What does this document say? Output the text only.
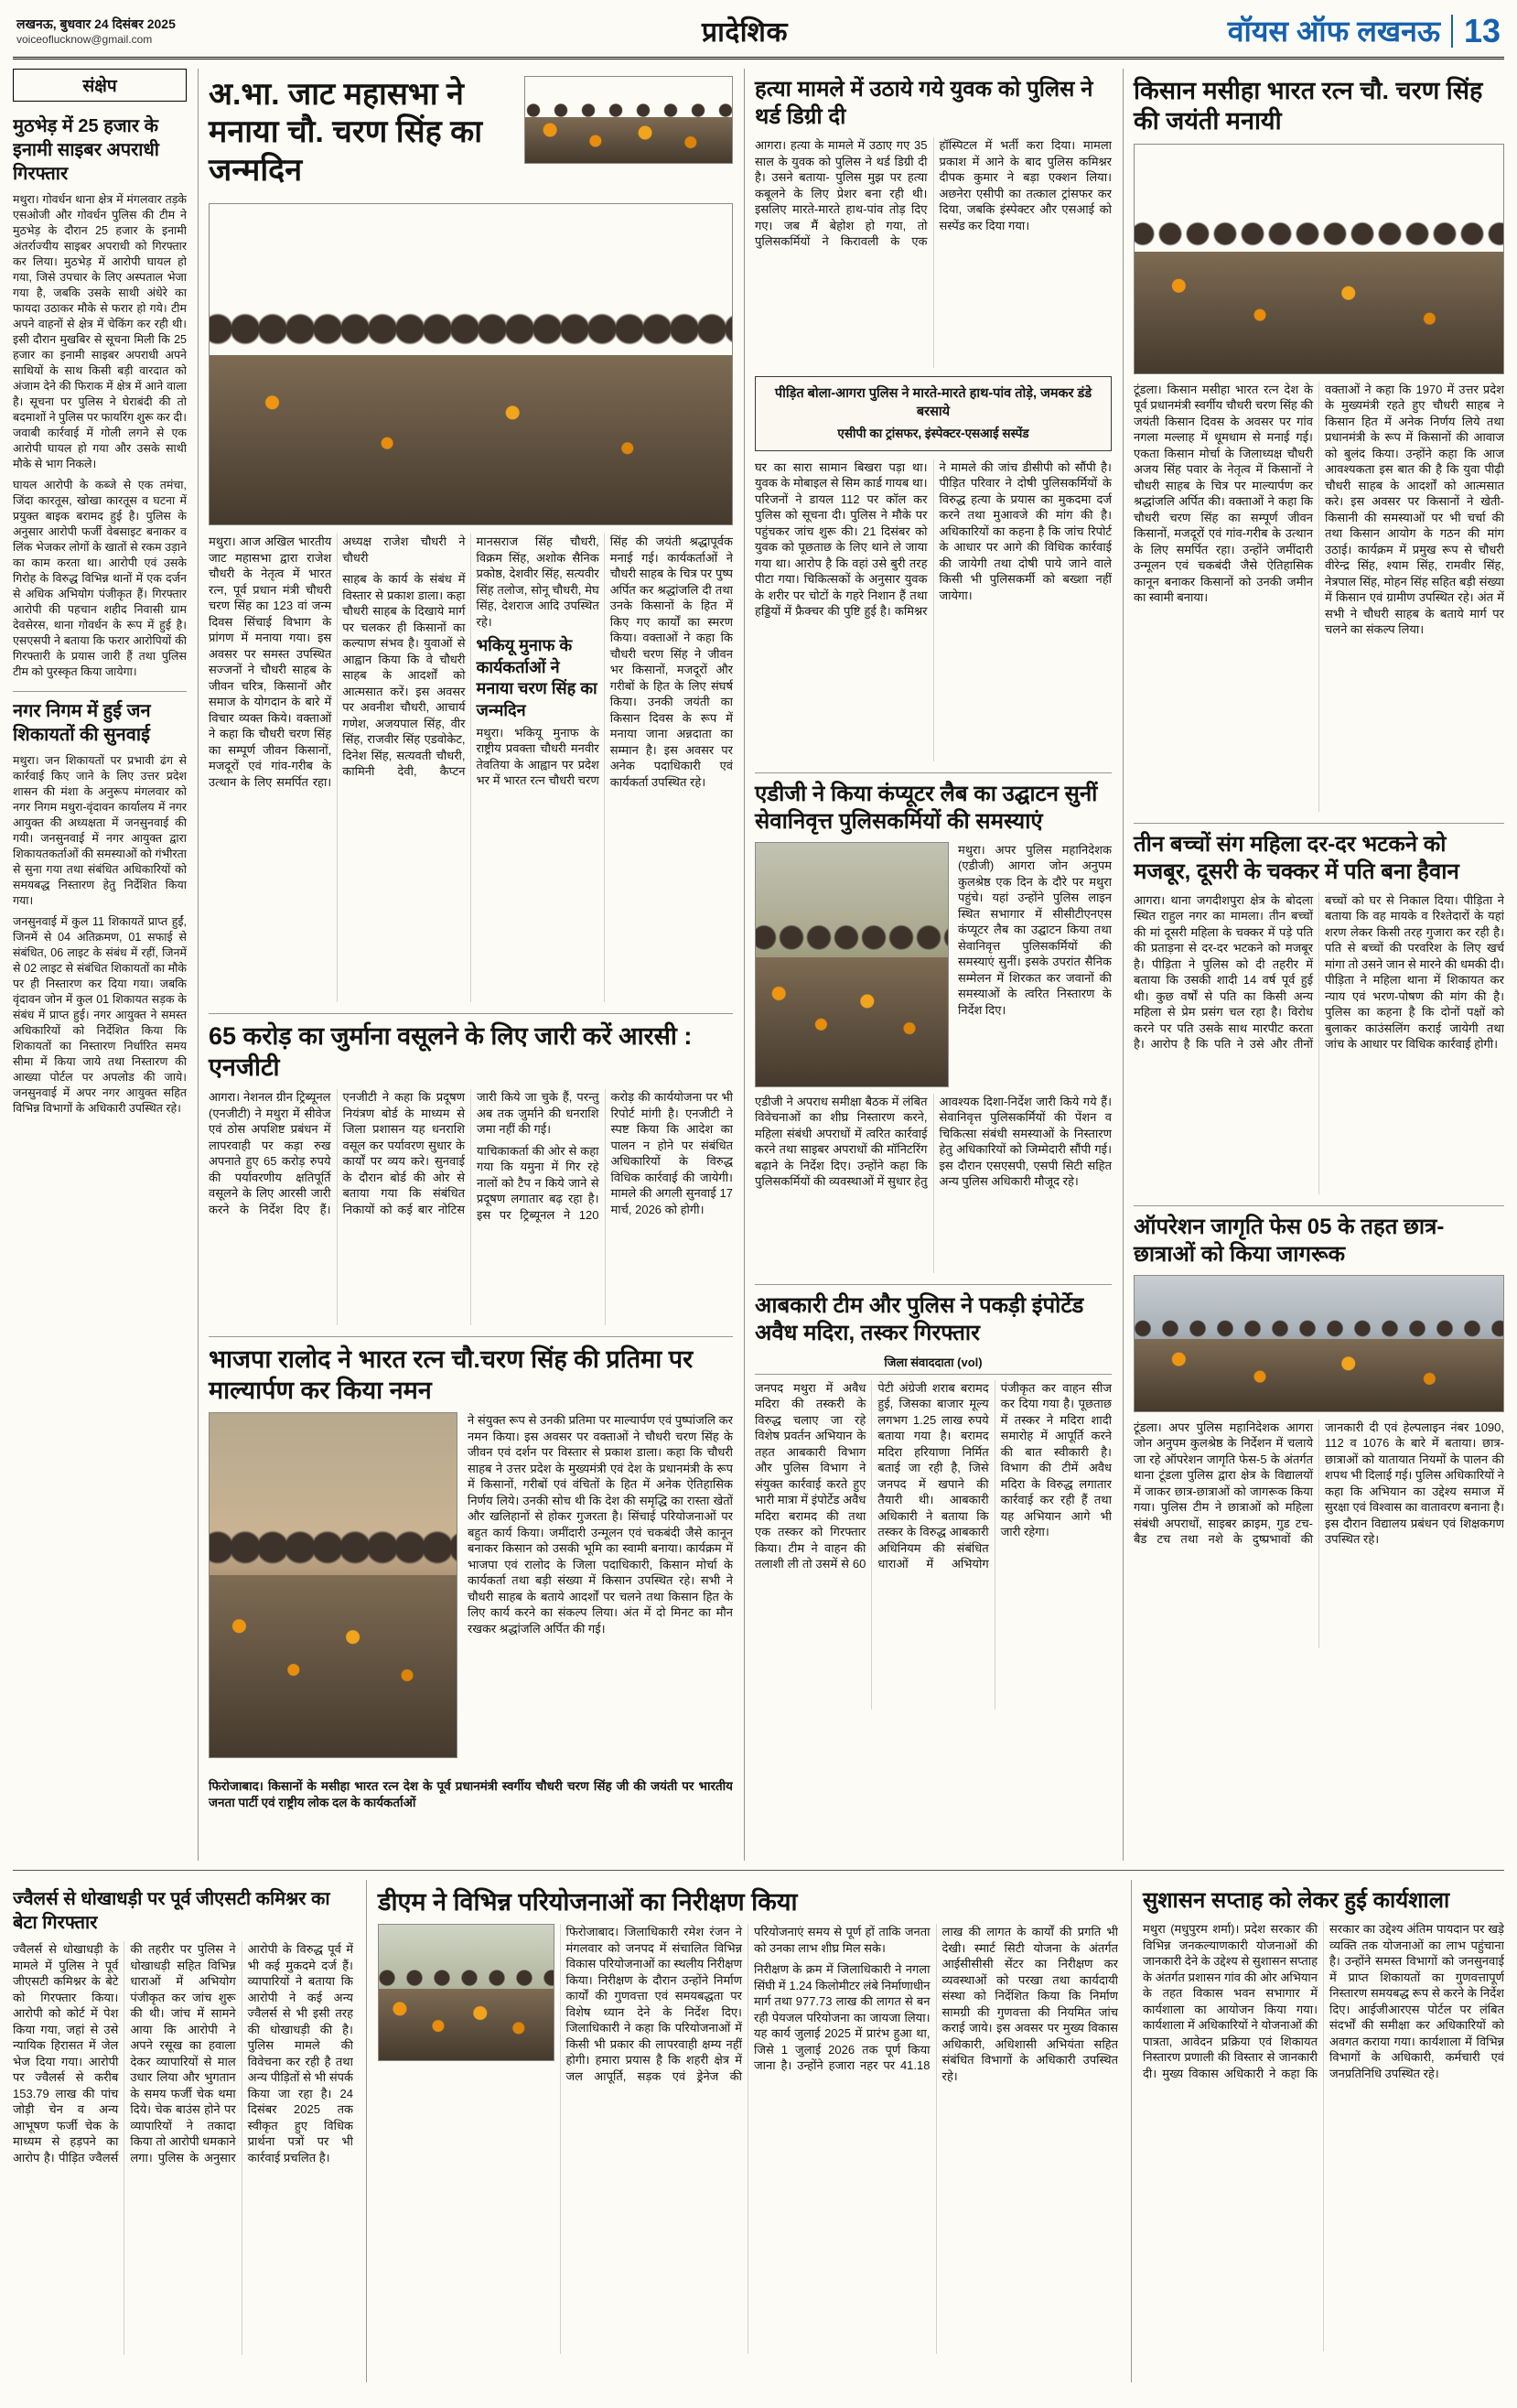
लखनऊ, बुधवार 24 दिसंबर 2025
voiceoflucknow@gmail.com	प्रादेशिक	वॉयस ऑफ लखनऊ 13
संक्षेप
मुठभेड़ में 25 हजार के इनामी साइबर अपराधी गिरफ्तार

मथुरा। गोवर्धन थाना क्षेत्र में मंगलवार तड़के एसओजी और गोवर्धन पुलिस की टीम ने मुठभेड़ के दौरान 25 हजार के इनामी अंतर्राज्यीय साइबर अपराधी को गिरफ्तार कर लिया। मुठभेड़ में आरोपी घायल हो गया, जिसे उपचार के लिए अस्पताल भेजा गया है, जबकि उसके साथी अंधेरे का फायदा उठाकर मौके से फरार हो गये। टीम अपने वाहनों से क्षेत्र में चेकिंग कर रही थी। इसी दौरान मुखबिर से सूचना मिली कि 25 हजार का इनामी साइबर अपराधी अपने साथियों के साथ किसी बड़ी वारदात को अंजाम देने की फिराक में क्षेत्र में आने वाला है। सूचना पर पुलिस ने घेराबंदी की तो बदमाशों ने पुलिस पर फायरिंग शुरू कर दी। जवाबी कार्रवाई में गोली लगने से एक आरोपी घायल हो गया और उसके साथी मौके से भाग निकले।

घायल आरोपी के कब्जे से एक तमंचा, जिंदा कारतूस, खोखा कारतूस व घटना में प्रयुक्त बाइक बरामद हुई है। पुलिस के अनुसार आरोपी फर्जी वेबसाइट बनाकर व लिंक भेजकर लोगों के खातों से रकम उड़ाने का काम करता था। आरोपी एवं उसके गिरोह के विरुद्ध विभिन्न थानों में एक दर्जन से अधिक अभियोग पंजीकृत हैं। गिरफ्तार आरोपी की पहचान शहीद निवासी ग्राम देवसेरस, थाना गोवर्धन के रूप में हुई है। एसएसपी ने बताया कि फरार आरोपियों की गिरफ्तारी के प्रयास जारी हैं तथा पुलिस टीम को पुरस्कृत किया जायेगा।

नगर निगम में हुई जन शिकायतों की सुनवाई

मथुरा। जन शिकायतों पर प्रभावी ढंग से कार्रवाई किए जाने के लिए उत्तर प्रदेश शासन की मंशा के अनुरूप मंगलवार को नगर निगम मथुरा-वृंदावन कार्यालय में नगर आयुक्त की अध्यक्षता में जनसुनवाई की गयी। जनसुनवाई में नगर आयुक्त द्वारा शिकायतकर्ताओं की समस्याओं को गंभीरता से सुना गया तथा संबंधित अधिकारियों को समयबद्ध निस्तारण हेतु निर्देशित किया गया।

जनसुनवाई में कुल 11 शिकायतें प्राप्त हुईं, जिनमें से 04 अतिक्रमण, 01 सफाई से संबंधित, 06 लाइट के संबंध में रहीं, जिनमें से 02 लाइट से संबंधित शिकायतों का मौके पर ही निस्तारण कर दिया गया। जबकि वृंदावन जोन में कुल 01 शिकायत सड़क के संबंध में प्राप्त हुई। नगर आयुक्त ने समस्त अधिकारियों को निर्देशित किया कि शिकायतों का निस्तारण निर्धारित समय सीमा में किया जाये तथा निस्तारण की आख्या पोर्टल पर अपलोड की जाये। जनसुनवाई में अपर नगर आयुक्त सहित विभिन्न विभागों के अधिकारी उपस्थित रहे।

अ.भा. जाट महासभा ने मनाया चौ. चरण सिंह का जन्मदिन

मथुरा। आज अखिल भारतीय जाट महासभा द्वारा राजेश चौधरी के नेतृत्व में भारत रत्न, पूर्व प्रधान मंत्री चौधरी चरण सिंह का 123 वां जन्म दिवस सिंचाई विभाग के प्रांगण में मनाया गया। इस अवसर पर समस्त उपस्थित सज्जनों ने चौधरी साहब के जीवन चरित्र, किसानों और समाज के योगदान के बारे में विचार व्यक्त किये। वक्ताओं ने कहा कि चौधरी चरण सिंह का सम्पूर्ण जीवन किसानों, मजदूरों एवं गांव-गरीब के उत्थान के लिए समर्पित रहा। अध्यक्ष राजेश चौधरी ने चौधरी

साहब के कार्य के संबंध में विस्तार से प्रकाश डाला। कहा चौधरी साहब के दिखाये मार्ग पर चलकर ही किसानों का कल्याण संभव है। युवाओं से आह्वान किया कि वे चौधरी साहब के आदर्शों को आत्मसात करें। इस अवसर पर अवनीश चौधरी, आचार्य गणेश, अजयपाल सिंह, वीर सिंह, राजवीर सिंह एडवोकेट, दिनेश सिंह, सत्यवती चौधरी, कामिनी देवी, कैप्टन मानसराज सिंह चौधरी, विक्रम सिंह, अशोक सैनिक प्रकोष्ठ, देशवीर सिंह, सत्यवीर सिंह तलोज, सोनू चौधरी, मेघ सिंह, देशराज आदि उपस्थित रहे।

भकियू मुनाफ के कार्यकर्ताओं ने मनाया चरण सिंह का जन्मदिन

मथुरा। भकियू मुनाफ के राष्ट्रीय प्रवक्ता चौधरी मनवीर तेवतिया के आह्वान पर प्रदेश भर में भारत रत्न चौधरी चरण सिंह की जयंती श्रद्धापूर्वक मनाई गई। कार्यकर्ताओं ने चौधरी साहब के चित्र पर पुष्प अर्पित कर श्रद्धांजलि दी तथा उनके किसानों के हित में किए गए कार्यों का स्मरण किया। वक्ताओं ने कहा कि चौधरी चरण सिंह ने जीवन भर किसानों, मजदूरों और गरीबों के हित के लिए संघर्ष किया। उनकी जयंती का किसान दिवस के रूप में मनाया जाना अन्नदाता का सम्मान है। इस अवसर पर अनेक पदाधिकारी एवं कार्यकर्ता उपस्थित रहे।

65 करोड़ का जुर्माना वसूलने के लिए जारी करें आरसी : एनजीटी

आगरा। नेशनल ग्रीन ट्रिब्यूनल (एनजीटी) ने मथुरा में सीवेज एवं ठोस अपशिष्ट प्रबंधन में लापरवाही पर कड़ा रुख अपनाते हुए 65 करोड़ रुपये की पर्यावरणीय क्षतिपूर्ति वसूलने के लिए आरसी जारी करने के निर्देश दिए हैं। एनजीटी ने कहा कि प्रदूषण नियंत्रण बोर्ड के माध्यम से जिला प्रशासन यह धनराशि वसूल कर पर्यावरण सुधार के कार्यों पर व्यय करे। सुनवाई के दौरान बोर्ड की ओर से बताया गया कि संबंधित निकायों को कई बार नोटिस जारी किये जा चुके हैं, परन्तु अब तक जुर्माने की धनराशि जमा नहीं की गई।

याचिकाकर्ता की ओर से कहा गया कि यमुना में गिर रहे नालों को टैप न किये जाने से प्रदूषण लगातार बढ़ रहा है। इस पर ट्रिब्यूनल ने 120 करोड़ की कार्ययोजना पर भी रिपोर्ट मांगी है। एनजीटी ने स्पष्ट किया कि आदेश का पालन न होने पर संबंधित अधिकारियों के विरुद्ध विधिक कार्रवाई की जायेगी। मामले की अगली सुनवाई 17 मार्च, 2026 को होगी।

भाजपा रालोद ने भारत रत्न चौ.चरण सिंह की प्रतिमा पर माल्यार्पण कर किया नमन

ने संयुक्त रूप से उनकी प्रतिमा पर माल्यार्पण एवं पुष्पांजलि कर नमन किया। इस अवसर पर वक्ताओं ने चौधरी चरण सिंह के जीवन एवं दर्शन पर विस्तार से प्रकाश डाला। कहा कि चौधरी साहब ने उत्तर प्रदेश के मुख्यमंत्री एवं देश के प्रधानमंत्री के रूप में किसानों, गरीबों एवं वंचितों के हित में अनेक ऐतिहासिक निर्णय लिये। उनकी सोच थी कि देश की समृद्धि का रास्ता खेतों और खलिहानों से होकर गुजरता है। सिंचाई परियोजनाओं पर बहुत कार्य किया। जमींदारी उन्मूलन एवं चकबंदी जैसे कानून बनाकर किसान को उसकी भूमि का स्वामी बनाया। कार्यक्रम में भाजपा एवं रालोद के जिला पदाधिकारी, किसान मोर्चा के कार्यकर्ता तथा बड़ी संख्या में किसान उपस्थित रहे। सभी ने चौधरी साहब के बताये आदर्शों पर चलने तथा किसान हित के लिए कार्य करने का संकल्प लिया। अंत में दो मिनट का मौन रखकर श्रद्धांजलि अर्पित की गई।

फिरोजाबाद। किसानों के मसीहा भारत रत्न देश के पूर्व प्रधानमंत्री स्वर्गीय चौधरी चरण सिंह जी की जयंती पर भारतीय जनता पार्टी एवं राष्ट्रीय लोक दल के कार्यकर्ताओं

हत्या मामले में उठाये गये युवक को पुलिस ने थर्ड डिग्री दी

आगरा। हत्या के मामले में उठाए गए 35 साल के युवक को पुलिस ने थर्ड डिग्री दी है। उसने बताया- पुलिस मुझ पर हत्या कबूलने के लिए प्रेशर बना रही थी। इसलिए मारते-मारते हाथ-पांव तोड़ दिए गए। जब मैं बेहोश हो गया, तो पुलिसकर्मियों ने किरावली के एक हॉस्पिटल में भर्ती करा दिया। मामला प्रकाश में आने के बाद पुलिस कमिश्नर दीपक कुमार ने बड़ा एक्शन लिया। अछनेरा एसीपी का तत्काल ट्रांसफर कर दिया, जबकि इंस्पेक्टर और एसआई को सस्पेंड कर दिया गया।

पीड़ित बोला-आगरा पुलिस ने मारते-मारते हाथ-पांव तोड़े, जमकर डंडे बरसाये

एसीपी का ट्रांसफर, इंस्पेक्टर-एसआई सस्पेंड

घर का सारा सामान बिखरा पड़ा था। युवक के मोबाइल से सिम कार्ड गायब था। परिजनों ने डायल 112 पर कॉल कर पुलिस को सूचना दी। पुलिस ने मौके पर पहुंचकर जांच शुरू की। 21 दिसंबर को युवक को पूछताछ के लिए थाने ले जाया गया था। आरोप है कि वहां उसे बुरी तरह पीटा गया। चिकित्सकों के अनुसार युवक के शरीर पर चोटों के गहरे निशान हैं तथा हड्डियों में फ्रैक्चर की पुष्टि हुई है। कमिश्नर ने मामले की जांच डीसीपी को सौंपी है। पीड़ित परिवार ने दोषी पुलिसकर्मियों के विरुद्ध हत्या के प्रयास का मुकदमा दर्ज करने तथा मुआवजे की मांग की है। अधिकारियों का कहना है कि जांच रिपोर्ट के आधार पर आगे की विधिक कार्रवाई की जायेगी तथा दोषी पाये जाने वाले किसी भी पुलिसकर्मी को बख्शा नहीं जायेगा।

एडीजी ने किया कंप्यूटर लैब का उद्घाटन सुनीं सेवानिवृत्त पुलिसकर्मियों की समस्याएं

मथुरा। अपर पुलिस महानिदेशक (एडीजी) आगरा जोन अनुपम कुलश्रेष्ठ एक दिन के दौरे पर मथुरा पहुंचे। यहां उन्होंने पुलिस लाइन स्थित सभागार में सीसीटीएनएस कंप्यूटर लैब का उद्घाटन किया तथा सेवानिवृत्त पुलिसकर्मियों की समस्याएं सुनीं। इसके उपरांत सैनिक सम्मेलन में शिरकत कर जवानों की समस्याओं के त्वरित निस्तारण के निर्देश दिए।

एडीजी ने अपराध समीक्षा बैठक में लंबित विवेचनाओं का शीघ्र निस्तारण करने, महिला संबंधी अपराधों में त्वरित कार्रवाई करने तथा साइबर अपराधों की मॉनिटरिंग बढ़ाने के निर्देश दिए। उन्होंने कहा कि पुलिसकर्मियों की व्यवस्थाओं में सुधार हेतु आवश्यक दिशा-निर्देश जारी किये गये हैं। सेवानिवृत्त पुलिसकर्मियों की पेंशन व चिकित्सा संबंधी समस्याओं के निस्तारण हेतु अधिकारियों को जिम्मेदारी सौंपी गई। इस दौरान एसएसपी, एसपी सिटी सहित अन्य पुलिस अधिकारी मौजूद रहे।

आबकारी टीम और पुलिस ने पकड़ी इंपोर्टेड अवैध मदिरा, तस्कर गिरफ्तार
जिला संवाददाता (vol)

जनपद मथुरा में अवैध मदिरा की तस्करी के विरुद्ध चलाए जा रहे विशेष प्रवर्तन अभियान के तहत आबकारी विभाग और पुलिस विभाग ने संयुक्त कार्रवाई करते हुए भारी मात्रा में इंपोर्टेड अवैध मदिरा बरामद की तथा एक तस्कर को गिरफ्तार किया। टीम ने वाहन की तलाशी ली तो उसमें से 60 पेटी अंग्रेजी शराब बरामद हुई, जिसका बाजार मूल्य लगभग 1.25 लाख रुपये बताया गया है। बरामद मदिरा हरियाणा निर्मित बताई जा रही है, जिसे जनपद में खपाने की तैयारी थी। आबकारी अधिकारी ने बताया कि तस्कर के विरुद्ध आबकारी अधिनियम की संबंधित धाराओं में अभियोग पंजीकृत कर वाहन सीज कर दिया गया है। पूछताछ में तस्कर ने मदिरा शादी समारोह में आपूर्ति करने की बात स्वीकारी है। विभाग की टीमें अवैध मदिरा के विरुद्ध लगातार कार्रवाई कर रही हैं तथा यह अभियान आगे भी जारी रहेगा।

किसान मसीहा भारत रत्न चौ. चरण सिंह की जयंती मनायी

टूंडला। किसान मसीहा भारत रत्न देश के पूर्व प्रधानमंत्री स्वर्गीय चौधरी चरण सिंह की जयंती किसान दिवस के अवसर पर गांव नगला मल्लाह में धूमधाम से मनाई गई। एकता किसान मोर्चा के जिलाध्यक्ष चौधरी अजय सिंह पवार के नेतृत्व में किसानों ने चौधरी साहब के चित्र पर माल्यार्पण कर श्रद्धांजलि अर्पित की। वक्ताओं ने कहा कि चौधरी चरण सिंह का सम्पूर्ण जीवन किसानों, मजदूरों एवं गांव-गरीब के उत्थान के लिए समर्पित रहा। उन्होंने जमींदारी उन्मूलन एवं चकबंदी जैसे ऐतिहासिक कानून बनाकर किसानों को उनकी जमीन का स्वामी बनाया।

वक्ताओं ने कहा कि 1970 में उत्तर प्रदेश के मुख्यमंत्री रहते हुए चौधरी साहब ने किसान हित में अनेक निर्णय लिये तथा प्रधानमंत्री के रूप में किसानों की आवाज को बुलंद किया। उन्होंने कहा कि आज आवश्यकता इस बात की है कि युवा पीढ़ी चौधरी साहब के आदर्शों को आत्मसात करे। इस अवसर पर किसानों ने खेती-किसानी की समस्याओं पर भी चर्चा की तथा किसान आयोग के गठन की मांग उठाई। कार्यक्रम में प्रमुख रूप से चौधरी वीरेन्द्र सिंह, श्याम सिंह, रामवीर सिंह, नेत्रपाल सिंह, मोहन सिंह सहित बड़ी संख्या में किसान एवं ग्रामीण उपस्थित रहे। अंत में सभी ने चौधरी साहब के बताये मार्ग पर चलने का संकल्प लिया।

तीन बच्चों संग महिला दर-दर भटकने को मजबूर, दूसरी के चक्कर में पति बना हैवान

आगरा। थाना जगदीशपुरा क्षेत्र के बोदला स्थित राहुल नगर का मामला। तीन बच्चों की मां दूसरी महिला के चक्कर में पड़े पति की प्रताड़ना से दर-दर भटकने को मजबूर है। पीड़िता ने पुलिस को दी तहरीर में बताया कि उसकी शादी 14 वर्ष पूर्व हुई थी। कुछ वर्षों से पति का किसी अन्य महिला से प्रेम प्रसंग चल रहा है। विरोध करने पर पति उसके साथ मारपीट करता है। आरोप है कि पति ने उसे और तीनों बच्चों को घर से निकाल दिया। पीड़िता ने बताया कि वह मायके व रिश्तेदारों के यहां शरण लेकर किसी तरह गुजारा कर रही है। पति से बच्चों की परवरिश के लिए खर्च मांगा तो उसने जान से मारने की धमकी दी। पीड़िता ने महिला थाना में शिकायत कर न्याय एवं भरण-पोषण की मांग की है। पुलिस का कहना है कि दोनों पक्षों को बुलाकर काउंसलिंग कराई जायेगी तथा जांच के आधार पर विधिक कार्रवाई होगी।

ऑपरेशन जागृति फेस 05 के तहत छात्र-छात्राओं को किया जागरूक

टूंडला। अपर पुलिस महानिदेशक आगरा जोन अनुपम कुलश्रेष्ठ के निर्देशन में चलाये जा रहे ऑपरेशन जागृति फेस-5 के अंतर्गत थाना टूंडला पुलिस द्वारा क्षेत्र के विद्यालयों में जाकर छात्र-छात्राओं को जागरूक किया गया। पुलिस टीम ने छात्राओं को महिला संबंधी अपराधों, साइबर क्राइम, गुड टच-बैड टच तथा नशे के दुष्प्रभावों की जानकारी दी एवं हेल्पलाइन नंबर 1090, 112 व 1076 के बारे में बताया। छात्र-छात्राओं को यातायात नियमों के पालन की शपथ भी दिलाई गई। पुलिस अधिकारियों ने कहा कि अभियान का उद्देश्य समाज में सुरक्षा एवं विश्वास का वातावरण बनाना है। इस दौरान विद्यालय प्रबंधन एवं शिक्षकगण उपस्थित रहे।

ज्वैलर्स से धोखाधड़ी पर पूर्व जीएसटी कमिश्नर का बेटा गिरफ्तार

ज्वैलर्स से धोखाधड़ी के मामले में पुलिस ने पूर्व जीएसटी कमिश्नर के बेटे को गिरफ्तार किया। आरोपी को कोर्ट में पेश किया गया, जहां से उसे न्यायिक हिरासत में जेल भेज दिया गया। आरोपी पर ज्वैलर्स से करीब 153.79 लाख की पांच जोड़ी चेन व अन्य आभूषण फर्जी चेक के माध्यम से हड़पने का आरोप है। पीड़ित ज्वैलर्स की तहरीर पर पुलिस ने धोखाधड़ी सहित विभिन्न धाराओं में अभियोग पंजीकृत कर जांच शुरू की थी। जांच में सामने आया कि आरोपी ने अपने रसूख का हवाला देकर व्यापारियों से माल उधार लिया और भुगतान के समय फर्जी चेक थमा दिये। चेक बाउंस होने पर व्यापारियों ने तकादा किया तो आरोपी धमकाने लगा। पुलिस के अनुसार आरोपी के विरुद्ध पूर्व में भी कई मुकदमे दर्ज हैं। व्यापारियों ने बताया कि आरोपी ने कई अन्य ज्वैलर्स से भी इसी तरह की धोखाधड़ी की है। पुलिस मामले की विवेचना कर रही है तथा अन्य पीड़ितों से भी संपर्क किया जा रहा है। 24 दिसंबर 2025 तक स्वीकृत हुए विधिक प्रार्थना पत्रों पर भी कार्रवाई प्रचलित है।

डीएम ने विभिन्न परियोजनाओं का निरीक्षण किया

फिरोजाबाद। जिलाधिकारी रमेश रंजन ने मंगलवार को जनपद में संचालित विभिन्न विकास परियोजनाओं का स्थलीय निरीक्षण किया। निरीक्षण के दौरान उन्होंने निर्माण कार्यों की गुणवत्ता एवं समयबद्धता पर विशेष ध्यान देने के निर्देश दिए। जिलाधिकारी ने कहा कि परियोजनाओं में किसी भी प्रकार की लापरवाही क्षम्य नहीं होगी। हमारा प्रयास है कि शहरी क्षेत्र में जल आपूर्ति, सड़क एवं ड्रेनेज की परियोजनाएं समय से पूर्ण हों ताकि जनता को उनका लाभ शीघ्र मिल सके।

निरीक्षण के क्रम में जिलाधिकारी ने नगला सिंघी में 1.24 किलोमीटर लंबे निर्माणाधीन मार्ग तथा 977.73 लाख की लागत से बन रही पेयजल परियोजना का जायजा लिया। यह कार्य जुलाई 2025 में प्रारंभ हुआ था, जिसे 1 जुलाई 2026 तक पूर्ण किया जाना है। उन्होंने हजारा नहर पर 41.18 लाख की लागत के कार्यों की प्रगति भी देखी। स्मार्ट सिटी योजना के अंतर्गत आईसीसीसी सेंटर का निरीक्षण कर व्यवस्थाओं को परखा तथा कार्यदायी संस्था को निर्देशित किया कि निर्माण सामग्री की गुणवत्ता की नियमित जांच कराई जाये। इस अवसर पर मुख्य विकास अधिकारी, अधिशासी अभियंता सहित संबंधित विभागों के अधिकारी उपस्थित रहे।

सुशासन सप्ताह को लेकर हुई कार्यशाला

मथुरा (मधुपुरम शर्मा)। प्रदेश सरकार की विभिन्न जनकल्याणकारी योजनाओं की जानकारी देने के उद्देश्य से सुशासन सप्ताह के अंतर्गत प्रशासन गांव की ओर अभियान के तहत विकास भवन सभागार में कार्यशाला का आयोजन किया गया। कार्यशाला में अधिकारियों ने योजनाओं की पात्रता, आवेदन प्रक्रिया एवं शिकायत निस्तारण प्रणाली की विस्तार से जानकारी दी। मुख्य विकास अधिकारी ने कहा कि सरकार का उद्देश्य अंतिम पायदान पर खड़े व्यक्ति तक योजनाओं का लाभ पहुंचाना है। उन्होंने समस्त विभागों को जनसुनवाई में प्राप्त शिकायतों का गुणवत्तापूर्ण निस्तारण समयबद्ध रूप से करने के निर्देश दिए। आईजीआरएस पोर्टल पर लंबित संदर्भों की समीक्षा कर अधिकारियों को अवगत कराया गया। कार्यशाला में विभिन्न विभागों के अधिकारी, कर्मचारी एवं जनप्रतिनिधि उपस्थित रहे।
